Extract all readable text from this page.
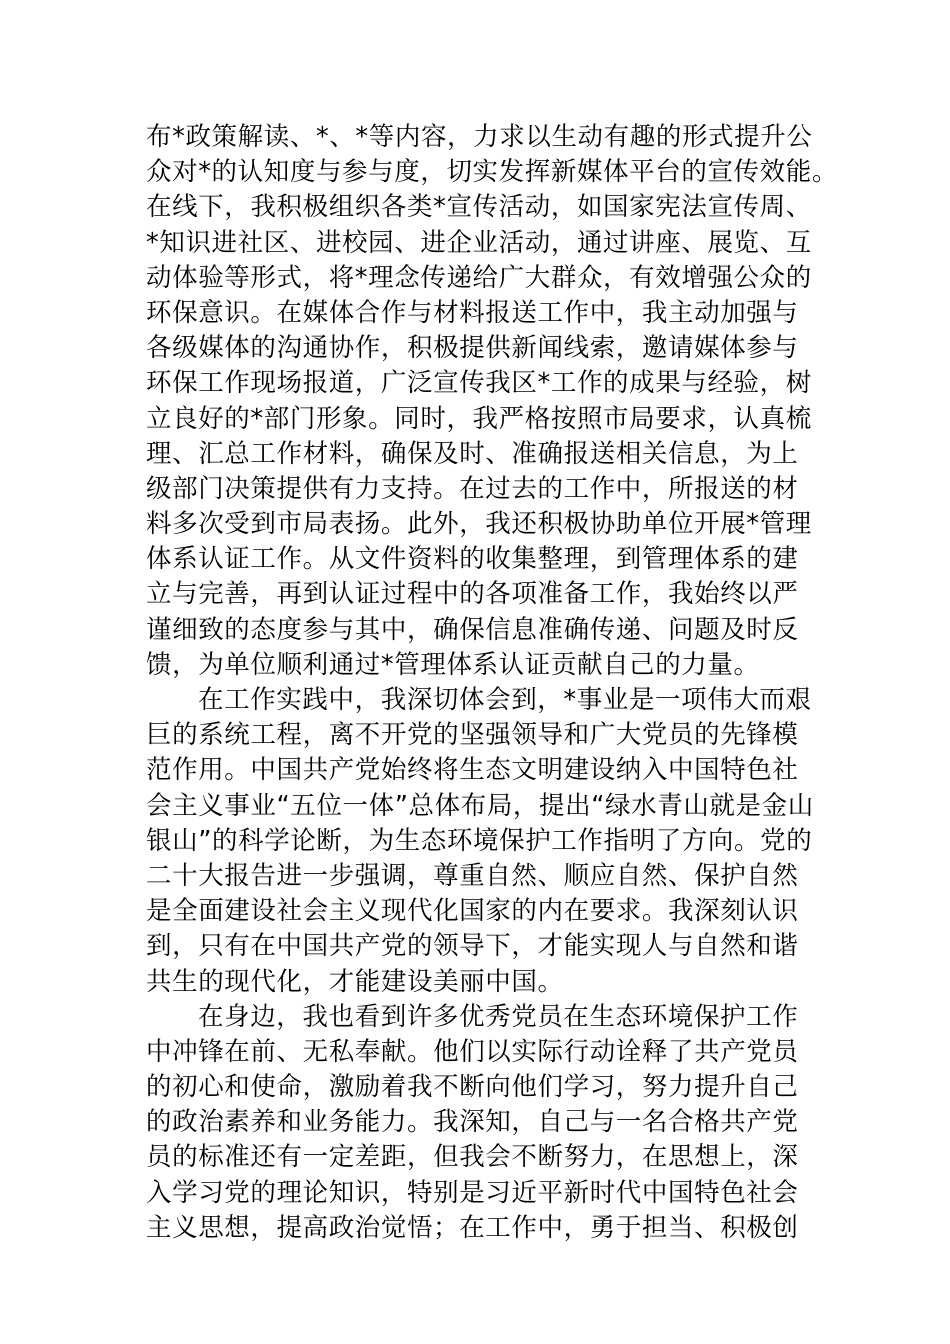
布*政策解读、*、*等内容，力求以生动有趣的形式提升公
众对*的认知度与参与度，切实发挥新媒体平台的宣传效能。
在线下，我积极组织各类*宣传活动，如国家宪法宣传周、
*知识进社区、进校园、进企业活动，通过讲座、展览、互
动体验等形式，将*理念传递给广大群众，有效增强公众的
环保意识。在媒体合作与材料报送工作中，我主动加强与
各级媒体的沟通协作，积极提供新闻线索，邀请媒体参与
环保工作现场报道，广泛宣传我区*工作的成果与经验，树
立良好的*部门形象。同时，我严格按照市局要求，认真梳
理、汇总工作材料，确保及时、准确报送相关信息，为上
级部门决策提供有力支持。在过去的工作中，所报送的材
料多次受到市局表扬。此外，我还积极协助单位开展*管理
体系认证工作。从文件资料的收集整理，到管理体系的建
立与完善，再到认证过程中的各项准备工作，我始终以严
谨细致的态度参与其中，确保信息准确传递、问题及时反
馈，为单位顺利通过*管理体系认证贡献自己的力量。
在工作实践中，我深切体会到，*事业是一项伟大而艰
巨的系统工程，离不开党的坚强领导和广大党员的先锋模
范作用。中国共产党始终将生态文明建设纳入中国特色社
会主义事业“五位一体”总体布局，提出“绿水青山就是金山
银山”的科学论断，为生态环境保护工作指明了方向。党的
二十大报告进一步强调，尊重自然、顺应自然、保护自然
是全面建设社会主义现代化国家的内在要求。我深刻认识
到，只有在中国共产党的领导下，才能实现人与自然和谐
共生的现代化，才能建设美丽中国。
在身边，我也看到许多优秀党员在生态环境保护工作
中冲锋在前、无私奉献。他们以实际行动诠释了共产党员
的初心和使命，激励着我不断向他们学习，努力提升自己
的政治素养和业务能力。我深知，自己与一名合格共产党
员的标准还有一定差距，但我会不断努力，在思想上，深
入学习党的理论知识，特别是习近平新时代中国特色社会
主义思想，提高政治觉悟；在工作中，勇于担当、积极创
